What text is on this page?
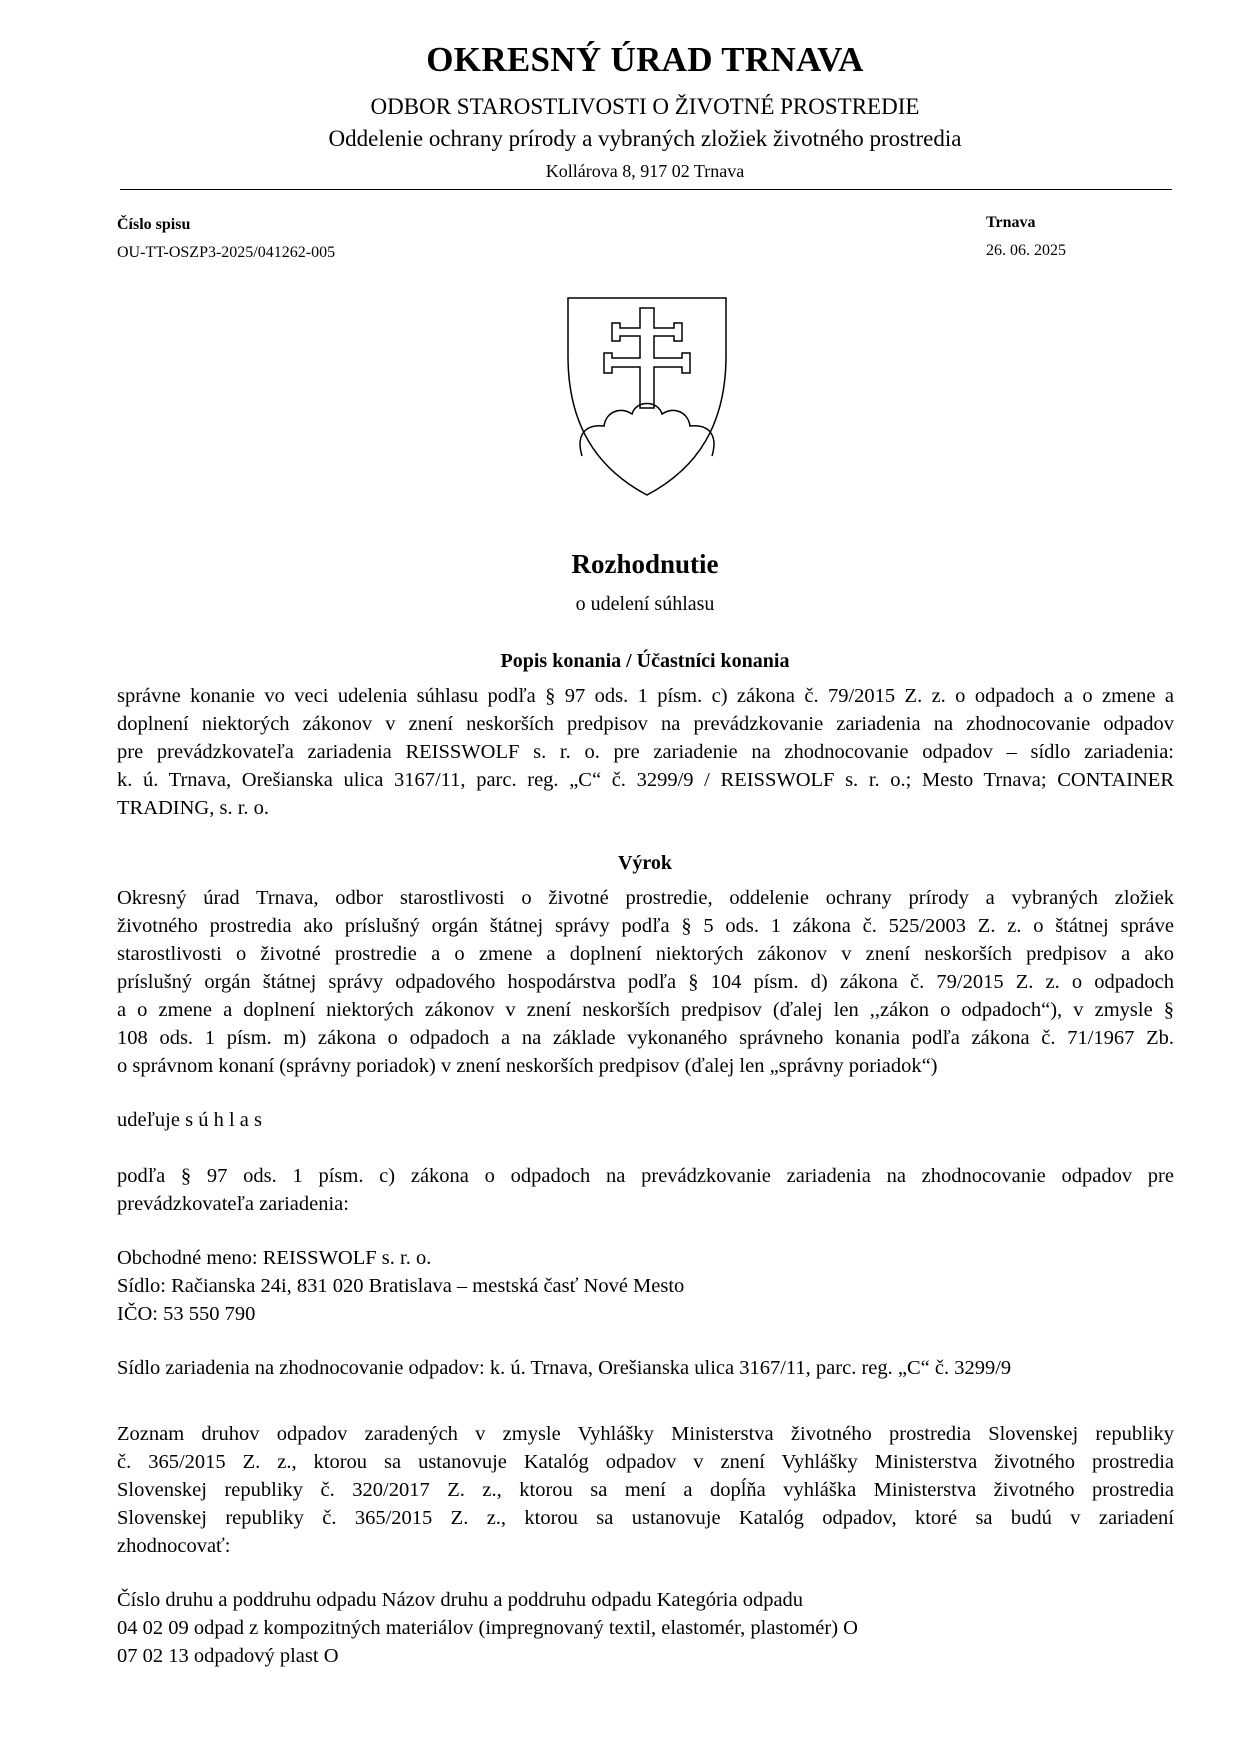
OKRESNÝ ÚRAD TRNAVA
ODBOR STAROSTLIVOSTI O ŽIVOTNÉ PROSTREDIE
Oddelenie ochrany prírody a vybraných zložiek životného prostredia
Kollárova 8, 917 02 Trnava
Číslo spisu
OU-TT-OSZP3-2025/041262-005
Trnava
26. 06. 2025
Rozhodnutie
o udelení súhlasu
Popis konania / Účastníci konania
správne konanie vo veci udelenia súhlasu podľa § 97 ods. 1 písm. c) zákona č. 79/2015 Z. z. o odpadoch a o zmene a
doplnení niektorých zákonov v znení neskorších predpisov na prevádzkovanie zariadenia na zhodnocovanie odpadov
pre prevádzkovateľa zariadenia REISSWOLF s. r. o. pre zariadenie na zhodnocovanie odpadov – sídlo zariadenia:
k. ú. Trnava, Orešianska ulica 3167/11, parc. reg. „C“ č. 3299/9 / REISSWOLF s. r. o.; Mesto Trnava; CONTAINER
TRADING, s. r. o.
Výrok
Okresný úrad Trnava, odbor starostlivosti o životné prostredie, oddelenie ochrany prírody a vybraných zložiek
životného prostredia ako príslušný orgán štátnej správy podľa § 5 ods. 1 zákona č. 525/2003 Z. z. o štátnej správe
starostlivosti o životné prostredie a o zmene a doplnení niektorých zákonov v znení neskorších predpisov a ako
príslušný orgán štátnej správy odpadového hospodárstva podľa § 104 písm. d) zákona č. 79/2015 Z. z. o odpadoch
a o zmene a doplnení niektorých zákonov v znení neskorších predpisov (ďalej len ,,zákon o odpadoch“), v zmysle §
108 ods. 1 písm. m) zákona o odpadoch a na základe vykonaného správneho konania podľa zákona č. 71/1967 Zb.
o správnom konaní (správny poriadok) v znení neskorších predpisov (ďalej len „správny poriadok“)
udeľuje s ú h l a s
podľa § 97 ods. 1 písm. c) zákona o odpadoch na prevádzkovanie zariadenia na zhodnocovanie odpadov pre
prevádzkovateľa zariadenia:
Obchodné meno: REISSWOLF s. r. o.
Sídlo: Račianska 24i, 831 020 Bratislava – mestská časť Nové Mesto
IČO: 53 550 790
Sídlo zariadenia na zhodnocovanie odpadov: k. ú. Trnava, Orešianska ulica 3167/11, parc. reg. „C“ č. 3299/9
Zoznam druhov odpadov zaradených v zmysle Vyhlášky Ministerstva životného prostredia Slovenskej republiky
č. 365/2015 Z. z., ktorou sa ustanovuje Katalóg odpadov v znení Vyhlášky Ministerstva životného prostredia
Slovenskej republiky č. 320/2017 Z. z., ktorou sa mení a dopĺňa vyhláška Ministerstva životného prostredia
Slovenskej republiky č. 365/2015 Z. z., ktorou sa ustanovuje Katalóg odpadov, ktoré sa budú v zariadení
zhodnocovať:
Číslo druhu a poddruhu odpadu Názov druhu a poddruhu odpadu Kategória odpadu
04 02 09 odpad z kompozitných materiálov (impregnovaný textil, elastomér, plastomér) O
07 02 13 odpadový plast O
